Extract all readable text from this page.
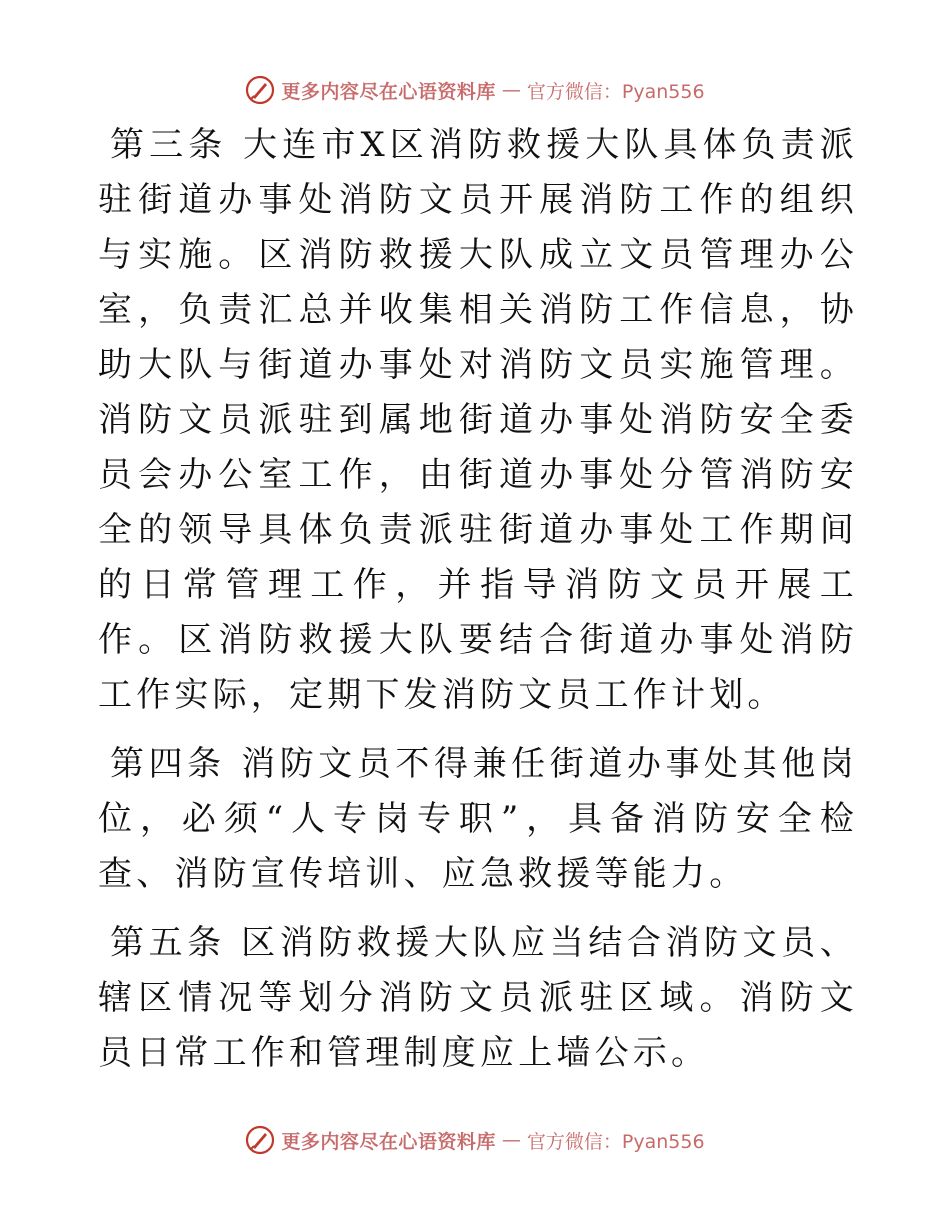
更多内容尽在心语资料库 — 官方微信：Pyan556

第三条 大连市X区消防救援大队具体负责派驻街道办事处消防文员开展消防工作的组织与实施。区消防救援大队成立文员管理办公室，负责汇总并收集相关消防工作信息，协助大队与街道办事处对消防文员实施管理。消防文员派驻到属地街道办事处消防安全委员会办公室工作，由街道办事处分管消防安全的领导具体负责派驻街道办事处工作期间的日常管理工作，并指导消防文员开展工作。区消防救援大队要结合街道办事处消防工作实际，定期下发消防文员工作计划。

第四条 消防文员不得兼任街道办事处其他岗位，必须“人专岗专职”，具备消防安全检查、消防宣传培训、应急救援等能力。

第五条 区消防救援大队应当结合消防文员、辖区情况等划分消防文员派驻区域。消防文员日常工作和管理制度应上墙公示。

更多内容尽在心语资料库 — 官方微信：Pyan556
